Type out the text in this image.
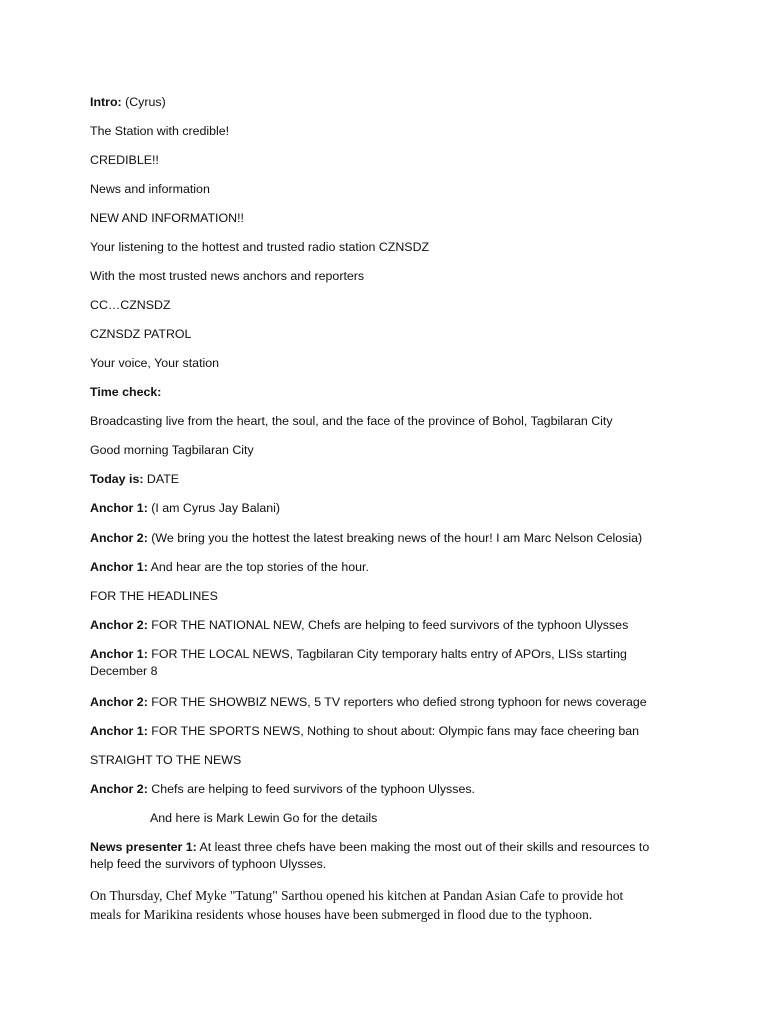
Intro: (Cyrus)
The Station with credible!
CREDIBLE!!
News and information
NEW AND INFORMATION!!
Your listening to the hottest and trusted radio station CZNSDZ
With the most trusted news anchors and reporters
CC…CZNSDZ
CZNSDZ PATROL
Your voice, Your station
Time check:
Broadcasting live from the heart, the soul, and the face of the province of Bohol, Tagbilaran City
Good morning Tagbilaran City
Today is: DATE
Anchor 1: (I am Cyrus Jay Balani)
Anchor 2: (We bring you the hottest the latest breaking news of the hour! I am Marc Nelson Celosia)
Anchor 1: And hear are the top stories of the hour.
FOR THE HEADLINES
Anchor 2: FOR THE NATIONAL NEW, Chefs are helping to feed survivors of the typhoon Ulysses
Anchor 1: FOR THE LOCAL NEWS, Tagbilaran City temporary halts entry of APOrs, LISs starting December 8
Anchor 2: FOR THE SHOWBIZ NEWS, 5 TV reporters who defied strong typhoon for news coverage
Anchor 1: FOR THE SPORTS NEWS, Nothing to shout about: Olympic fans may face cheering ban
STRAIGHT TO THE NEWS
Anchor 2: Chefs are helping to feed survivors of the typhoon Ulysses.
And here is Mark Lewin Go for the details
News presenter 1: At least three chefs have been making the most out of their skills and resources to help feed the survivors of typhoon Ulysses.
On Thursday, Chef Myke "Tatung" Sarthou opened his kitchen at Pandan Asian Cafe to provide hot meals for Marikina residents whose houses have been submerged in flood due to the typhoon.
